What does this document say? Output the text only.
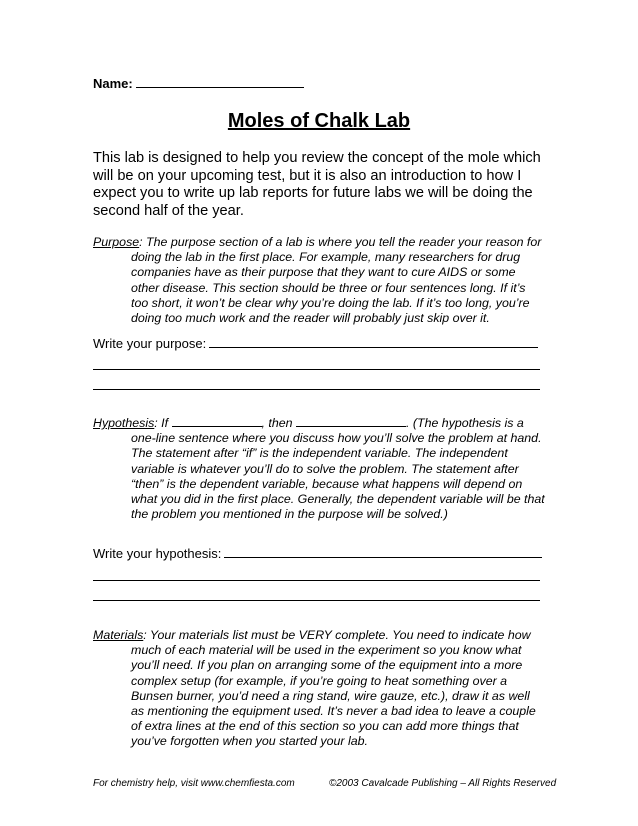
Name:
Moles of Chalk Lab
This lab is designed to help you review the concept of the mole which will be on your upcoming test, but it is also an introduction to how I expect you to write up lab reports for future labs we will be doing the second half of the year.
Purpose: The purpose section of a lab is where you tell the reader your reason for doing the lab in the first place. For example, many researchers for drug companies have as their purpose that they want to cure AIDS or some other disease. This section should be three or four sentences long. If it’s too short, it won’t be clear why you’re doing the lab. If it’s too long, you’re doing too much work and the reader will probably just skip over it.
Write your purpose:
Hypothesis: If	, then	. (The hypothesis is a one-line sentence where you discuss how you’ll solve the problem at hand. The statement after “if” is the independent variable. The independent variable is whatever you’ll do to solve the problem. The statement after “then” is the dependent variable, because what happens will depend on what you did in the first place. Generally, the dependent variable will be that the problem you mentioned in the purpose will be solved.)
Write your hypothesis:
Materials: Your materials list must be VERY complete. You need to indicate how much of each material will be used in the experiment so you know what you’ll need. If you plan on arranging some of the equipment into a more complex setup (for example, if you’re going to heat something over a Bunsen burner, you’d need a ring stand, wire gauze, etc.), draw it as well as mentioning the equipment used. It’s never a bad idea to leave a couple of extra lines at the end of this section so you can add more things that you’ve forgotten when you started your lab.
For chemistry help, visit www.chemfiesta.com	©2003 Cavalcade Publishing – All Rights Reserved
